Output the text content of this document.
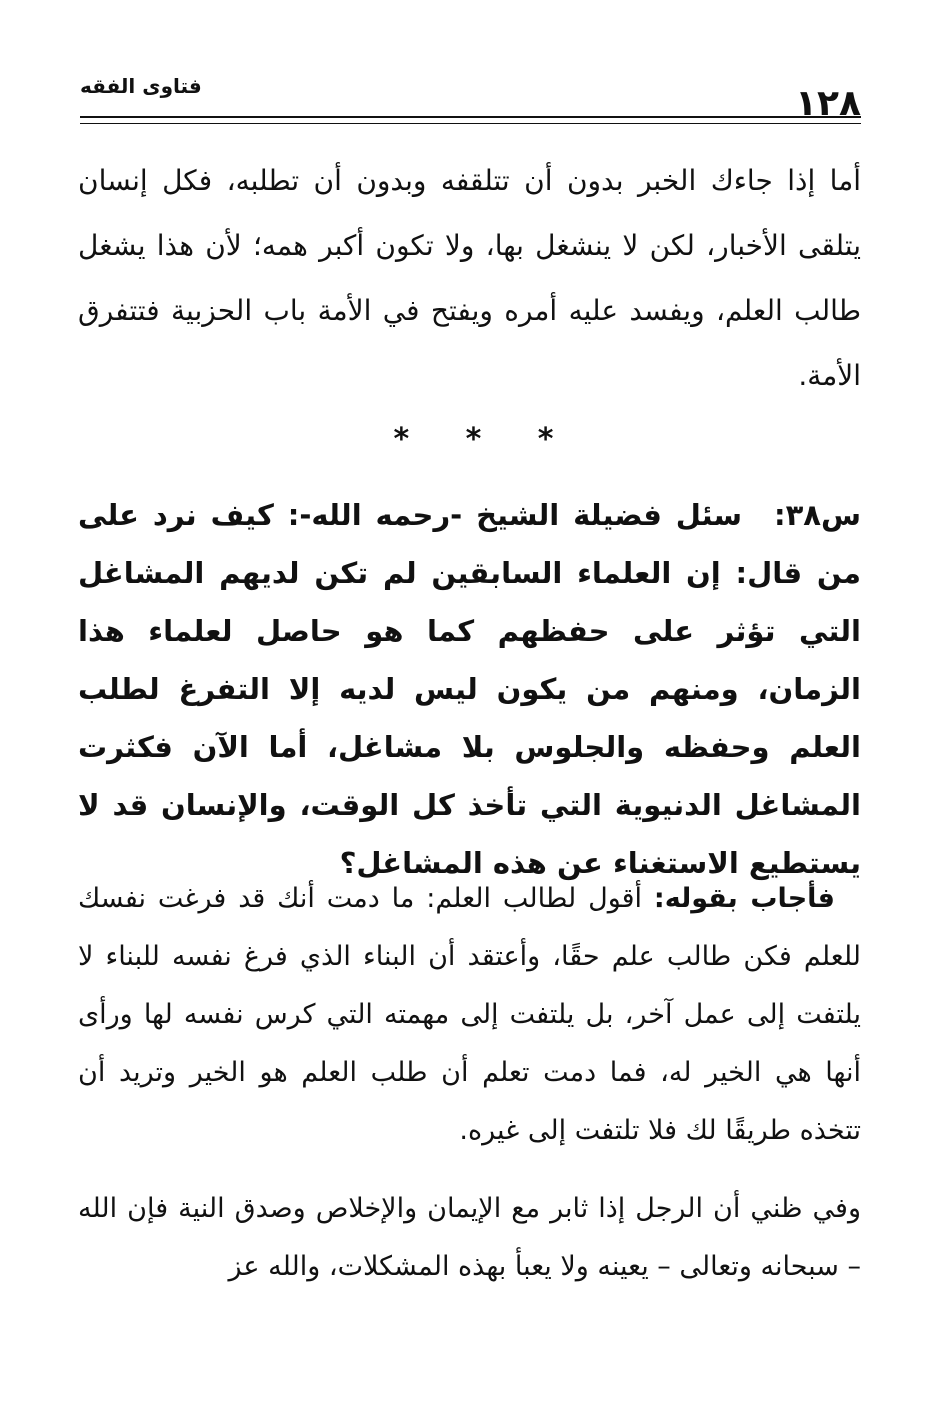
١٢٨
فتاوى الفقه

أما إذا جاءك الخبر بدون أن تتلقفه وبدون أن تطلبه، فكل إنسان يتلقى الأخبار، لكن لا ينشغل بها، ولا تكون أكبر همه؛ لأن هذا يشغل طالب العلم، ويفسد عليه أمره ويفتح في الأمة باب الحزبية فتتفرق الأمة.

* * *

س٣٨: سئل فضيلة الشيخ -رحمه الله-: كيف نرد على من قال: إن العلماء السابقين لم تكن لديهم المشاغل التي تؤثر على حفظهم كما هو حاصل لعلماء هذا الزمان، ومنهم من يكون ليس لديه إلا التفرغ لطلب العلم وحفظه والجلوس بلا مشاغل، أما الآن فكثرت المشاغل الدنيوية التي تأخذ كل الوقت، والإنسان قد لا يستطيع الاستغناء عن هذه المشاغل؟

فأجاب بقوله: أقول لطالب العلم: ما دمت أنك قد فرغت نفسك للعلم فكن طالب علم حقًا، وأعتقد أن البناء الذي فرغ نفسه للبناء لا يلتفت إلى عمل آخر، بل يلتفت إلى مهمته التي كرس نفسه لها ورأى أنها هي الخير له، فما دمت تعلم أن طلب العلم هو الخير وتريد أن تتخذه طريقًا لك فلا تلتفت إلى غيره.

وفي ظني أن الرجل إذا ثابر مع الإيمان والإخلاص وصدق النية فإن الله – سبحانه وتعالى – يعينه ولا يعبأ بهذه المشكلات، والله عز
